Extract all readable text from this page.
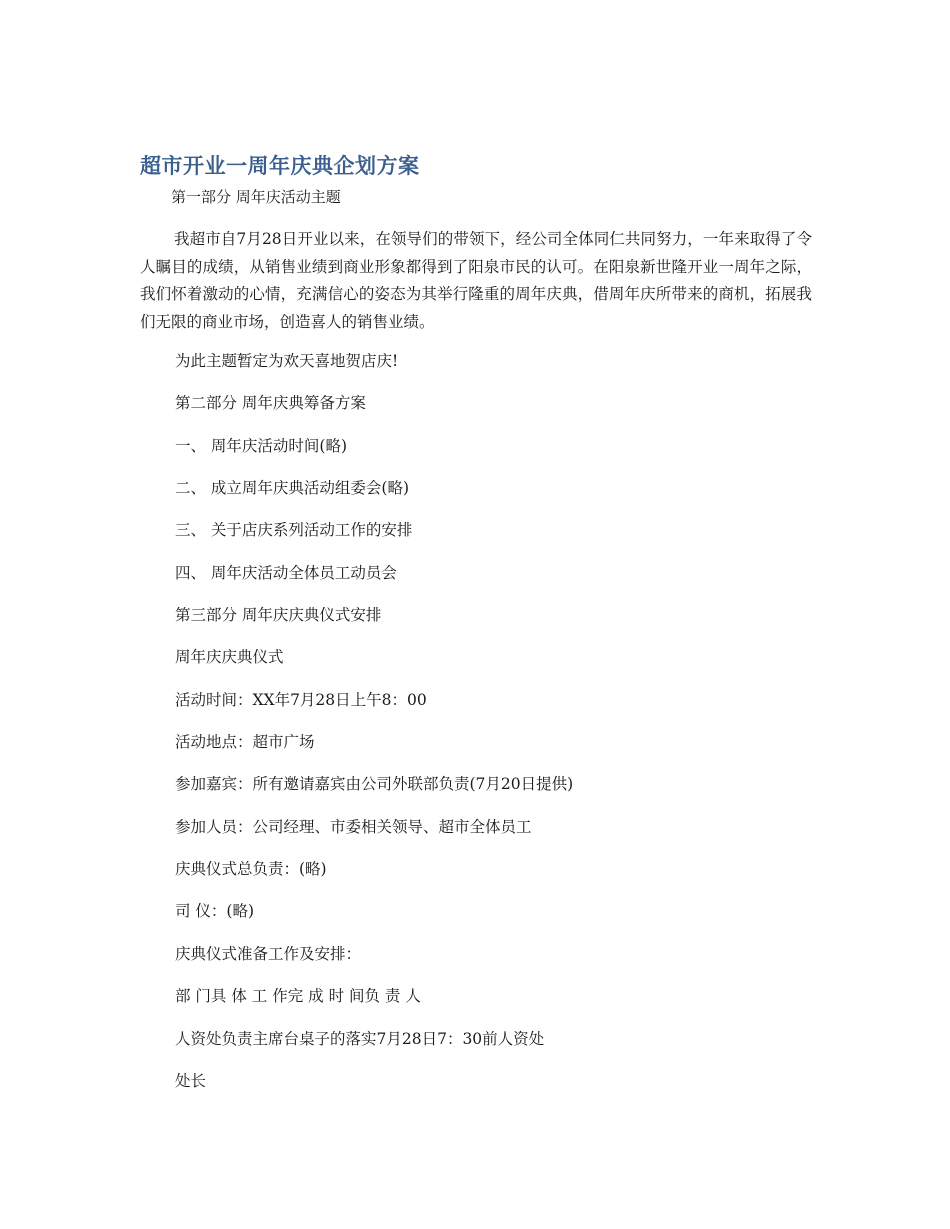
超市开业一周年庆典企划方案
第一部分 周年庆活动主题

我超市自7月28日开业以来，在领导们的带领下，经公司全体同仁共同努力，一年来取得了令人瞩目的成绩，从销售业绩到商业形象都得到了阳泉市民的认可。在阳泉新世隆开业一周年之际，我们怀着激动的心情，充满信心的姿态为其举行隆重的周年庆典，借周年庆所带来的商机，拓展我们无限的商业市场，创造喜人的销售业绩。

为此主题暂定为欢天喜地贺店庆!
第二部分 周年庆典筹备方案
一、 周年庆活动时间(略)
二、 成立周年庆典活动组委会(略)
三、 关于店庆系列活动工作的安排
四、 周年庆活动全体员工动员会
第三部分 周年庆庆典仪式安排
周年庆庆典仪式
活动时间：XX年7月28日上午8：00
活动地点：超市广场
参加嘉宾：所有邀请嘉宾由公司外联部负责(7月20日提供)
参加人员：公司经理、市委相关领导、超市全体员工
庆典仪式总负责：(略)
司 仪：(略)
庆典仪式准备工作及安排：
部 门具 体 工 作完 成 时 间负 责 人
人资处负责主席台桌子的落实7月28日7：30前人资处
处长
